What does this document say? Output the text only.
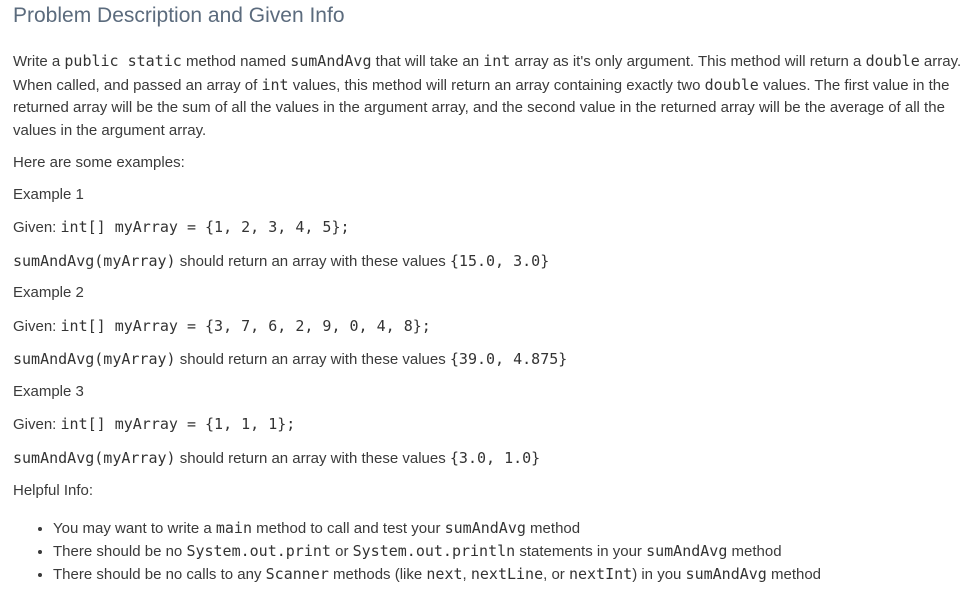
Problem Description and Given Info

Write a public static method named sumAndAvg that will take an int array as it's only argument. This method will return a double array. When called, and passed an array of int values, this method will return an array containing exactly two double values. The first value in the returned array will be the sum of all the values in the argument array, and the second value in the returned array will be the average of all the values in the argument array.

Here are some examples:

Example 1

Given: int[] myArray = {1, 2, 3, 4, 5};

sumAndAvg(myArray) should return an array with these values {15.0, 3.0}

Example 2

Given: int[] myArray = {3, 7, 6, 2, 9, 0, 4, 8};

sumAndAvg(myArray) should return an array with these values {39.0, 4.875}

Example 3

Given: int[] myArray = {1, 1, 1};

sumAndAvg(myArray) should return an array with these values {3.0, 1.0}

Helpful Info:

• You may want to write a main method to call and test your sumAndAvg method
• There should be no System.out.print or System.out.println statements in your sumAndAvg method
• There should be no calls to any Scanner methods (like next, nextLine, or nextInt) in you sumAndAvg method
